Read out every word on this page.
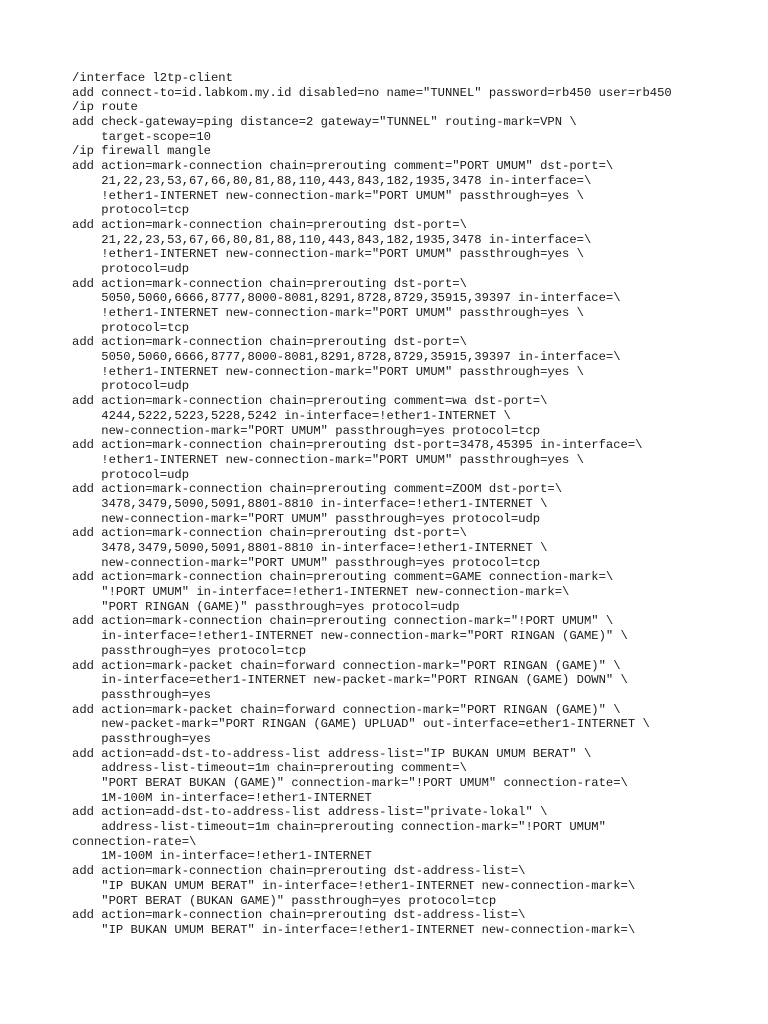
/interface l2tp-client
add connect-to=id.labkom.my.id disabled=no name="TUNNEL" password=rb450 user=rb450
/ip route
add check-gateway=ping distance=2 gateway="TUNNEL" routing-mark=VPN \
target-scope=10
/ip firewall mangle
add action=mark-connection chain=prerouting comment="PORT UMUM" dst-port=\
21,22,23,53,67,66,80,81,88,110,443,843,182,1935,3478 in-interface=\
!ether1-INTERNET new-connection-mark="PORT UMUM" passthrough=yes \
protocol=tcp
add action=mark-connection chain=prerouting dst-port=\
21,22,23,53,67,66,80,81,88,110,443,843,182,1935,3478 in-interface=\
!ether1-INTERNET new-connection-mark="PORT UMUM" passthrough=yes \
protocol=udp
add action=mark-connection chain=prerouting dst-port=\
5050,5060,6666,8777,8000-8081,8291,8728,8729,35915,39397 in-interface=\
!ether1-INTERNET new-connection-mark="PORT UMUM" passthrough=yes \
protocol=tcp
add action=mark-connection chain=prerouting dst-port=\
5050,5060,6666,8777,8000-8081,8291,8728,8729,35915,39397 in-interface=\
!ether1-INTERNET new-connection-mark="PORT UMUM" passthrough=yes \
protocol=udp
add action=mark-connection chain=prerouting comment=wa dst-port=\
4244,5222,5223,5228,5242 in-interface=!ether1-INTERNET \
new-connection-mark="PORT UMUM" passthrough=yes protocol=tcp
add action=mark-connection chain=prerouting dst-port=3478,45395 in-interface=\
!ether1-INTERNET new-connection-mark="PORT UMUM" passthrough=yes \
protocol=udp
add action=mark-connection chain=prerouting comment=ZOOM dst-port=\
3478,3479,5090,5091,8801-8810 in-interface=!ether1-INTERNET \
new-connection-mark="PORT UMUM" passthrough=yes protocol=udp
add action=mark-connection chain=prerouting dst-port=\
3478,3479,5090,5091,8801-8810 in-interface=!ether1-INTERNET \
new-connection-mark="PORT UMUM" passthrough=yes protocol=tcp
add action=mark-connection chain=prerouting comment=GAME connection-mark=\
"!PORT UMUM" in-interface=!ether1-INTERNET new-connection-mark=\
"PORT RINGAN (GAME)" passthrough=yes protocol=udp
add action=mark-connection chain=prerouting connection-mark="!PORT UMUM" \
in-interface=!ether1-INTERNET new-connection-mark="PORT RINGAN (GAME)" \
passthrough=yes protocol=tcp
add action=mark-packet chain=forward connection-mark="PORT RINGAN (GAME)" \
in-interface=ether1-INTERNET new-packet-mark="PORT RINGAN (GAME) DOWN" \
passthrough=yes
add action=mark-packet chain=forward connection-mark="PORT RINGAN (GAME)" \
new-packet-mark="PORT RINGAN (GAME) UPLUAD" out-interface=ether1-INTERNET \
passthrough=yes
add action=add-dst-to-address-list address-list="IP BUKAN UMUM BERAT" \
address-list-timeout=1m chain=prerouting comment=\
"PORT BERAT BUKAN (GAME)" connection-mark="!PORT UMUM" connection-rate=\
1M-100M in-interface=!ether1-INTERNET
add action=add-dst-to-address-list address-list="private-lokal" \
address-list-timeout=1m chain=prerouting connection-mark="!PORT UMUM"
connection-rate=\
1M-100M in-interface=!ether1-INTERNET
add action=mark-connection chain=prerouting dst-address-list=\
"IP BUKAN UMUM BERAT" in-interface=!ether1-INTERNET new-connection-mark=\
"PORT BERAT (BUKAN GAME)" passthrough=yes protocol=tcp
add action=mark-connection chain=prerouting dst-address-list=\
"IP BUKAN UMUM BERAT" in-interface=!ether1-INTERNET new-connection-mark=\
